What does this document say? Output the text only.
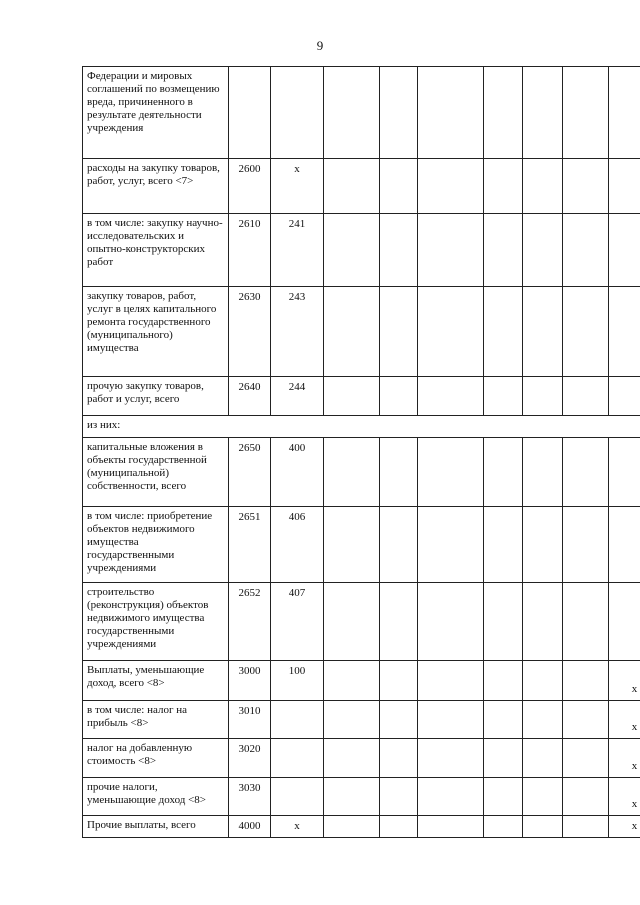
9
Федерации и мировых соглашений по возмещению вреда, причиненного в результате деятельности учреждения									
расходы на закупку товаров, работ, услуг, всего <7>	2600	x							
в том числе: закупку научно-исследовательских и опытно-конструкторских работ	2610	241							
закупку товаров, работ, услуг в целях капитального ремонта государственного (муниципального) имущества	2630	243							
прочую закупку товаров, работ и услуг, всего	2640	244							
из них:									
капитальные вложения в объекты государственной (муниципальной) собственности, всего	2650	400							
в том числе: приобретение объектов недвижимого имущества государственными учреждениями	2651	406							
строительство (реконструкция) объектов недвижимого имущества государственными учреждениями	2652	407							
Выплаты, уменьшающие доход, всего <8>	3000	100							x
в том числе: налог на прибыль <8>	3010								x
налог на добавленную стоимость <8>	3020								x
прочие налоги, уменьшающие доход <8>	3030								x
Прочие выплаты, всего	4000	x							x
